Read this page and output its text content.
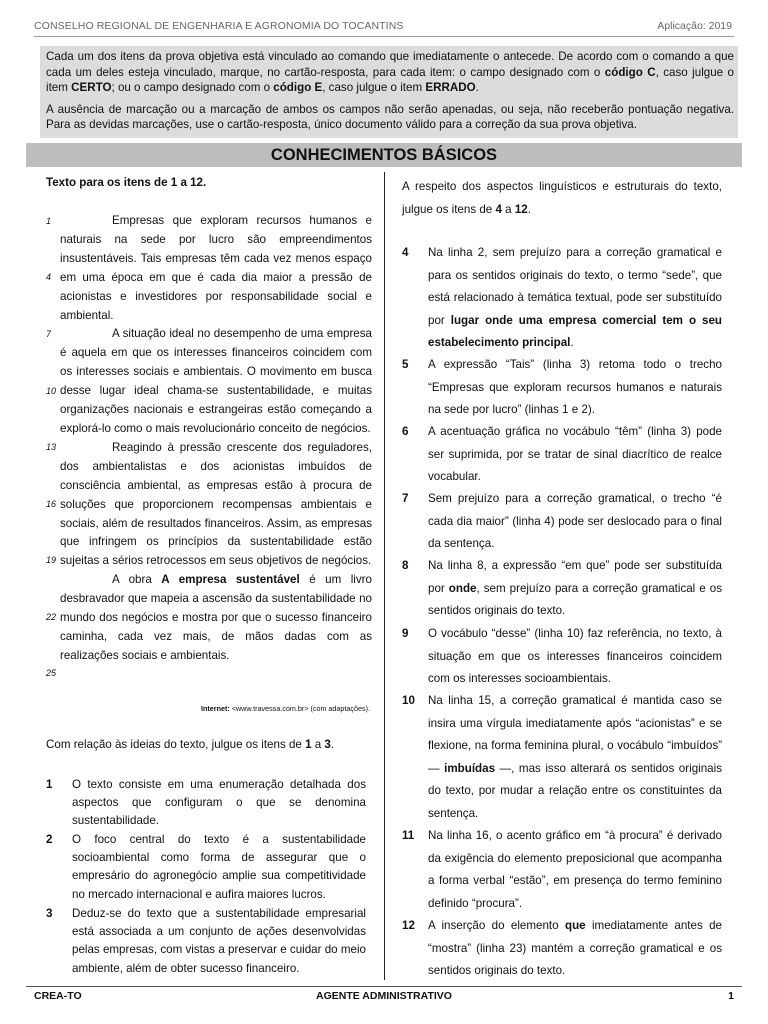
CONSELHO REGIONAL DE ENGENHARIA E AGRONOMIA DO TOCANTINS	Aplicação: 2019

Cada um dos itens da prova objetiva está vinculado ao comando que imediatamente o antecede. De acordo com o comando a que cada um deles esteja vinculado, marque, no cartão-resposta, para cada item: o campo designado com o código C, caso julgue o item CERTO; ou o campo designado com o código E, caso julgue o item ERRADO.

A ausência de marcação ou a marcação de ambos os campos não serão apenadas, ou seja, não receberão pontuação negativa. Para as devidas marcações, use o cartão-resposta, único documento válido para a correção da sua prova objetiva.

CONHECIMENTOS BÁSICOS
Texto para os itens de 1 a 12.
1
4
7
10
13
16
19
22
25

Empresas que exploram recursos humanos e naturais na sede por lucro são empreendimentos insustentáveis. Tais empresas têm cada vez menos espaço em uma época em que é cada dia maior a pressão de acionistas e investidores por responsabilidade social e ambiental.

A situação ideal no desempenho de uma empresa é aquela em que os interesses financeiros coincidem com os interesses sociais e ambientais. O movimento em busca desse lugar ideal chama-se sustentabilidade, e muitas organizações nacionais e estrangeiras estão começando a explorá-lo como o mais revolucionário conceito de negócios.

Reagindo à pressão crescente dos reguladores, dos ambientalistas e dos acionistas imbuídos de consciência ambiental, as empresas estão à procura de soluções que proporcionem recompensas ambientais e sociais, além de resultados financeiros. Assim, as empresas que infringem os princípios da sustentabilidade estão sujeitas a sérios retrocessos em seus objetivos de negócios.

A obra A empresa sustentável é um livro desbravador que mapeia a ascensão da sustentabilidade no mundo dos negócios e mostra por que o sucesso financeiro caminha, cada vez mais, de mãos dadas com as realizações sociais e ambientais.

Internet: <www.travessa.com.br> (com adaptações).
Com relação às ideias do texto, julgue os itens de 1 a 3.
1	O texto consiste em uma enumeração detalhada dos aspectos que configuram o que se denomina sustentabilidade.
2	O foco central do texto é a sustentabilidade socioambiental como forma de assegurar que o empresário do agronegócio amplie sua competitividade no mercado internacional e aufira maiores lucros.
3	Deduz-se do texto que a sustentabilidade empresarial está associada a um conjunto de ações desenvolvidas pelas empresas, com vistas a preservar e cuidar do meio ambiente, além de obter sucesso financeiro.
A respeito dos aspectos linguísticos e estruturais do texto, julgue os itens de 4 a 12.
4	Na linha 2, sem prejuízo para a correção gramatical e para os sentidos originais do texto, o termo “sede”, que está relacionado à temática textual, pode ser substituído por lugar onde uma empresa comercial tem o seu estabelecimento principal.
5	A expressão “Tais” (linha 3) retoma todo o trecho “Empresas que exploram recursos humanos e naturais na sede por lucro” (linhas 1 e 2).
6	A acentuação gráfica no vocábulo “têm” (linha 3) pode ser suprimida, por se tratar de sinal diacrítico de realce vocabular.
7	Sem prejuízo para a correção gramatical, o trecho “é cada dia maior” (linha 4) pode ser deslocado para o final da sentença.
8	Na linha 8, a expressão “em que” pode ser substituída por onde, sem prejuízo para a correção gramatical e os sentidos originais do texto.
9	O vocábulo “desse” (linha 10) faz referência, no texto, à situação em que os interesses financeiros coincidem com os interesses socioambientais.
10	Na linha 15, a correção gramatical é mantida caso se insira uma vírgula imediatamente após “acionistas” e se flexione, na forma feminina plural, o vocábulo “imbuídos” — imbuídas —, mas isso alterará os sentidos originais do texto, por mudar a relação entre os constituintes da sentença.
11	Na linha 16, o acento gráfico em “à procura” é derivado da exigência do elemento preposicional que acompanha a forma verbal “estão”, em presença do termo feminino definido “procura”.
12	A inserção do elemento que imediatamente antes de “mostra” (linha 23) mantém a correção gramatical e os sentidos originais do texto.
CREA-TO	AGENTE ADMINISTRATIVO	1
